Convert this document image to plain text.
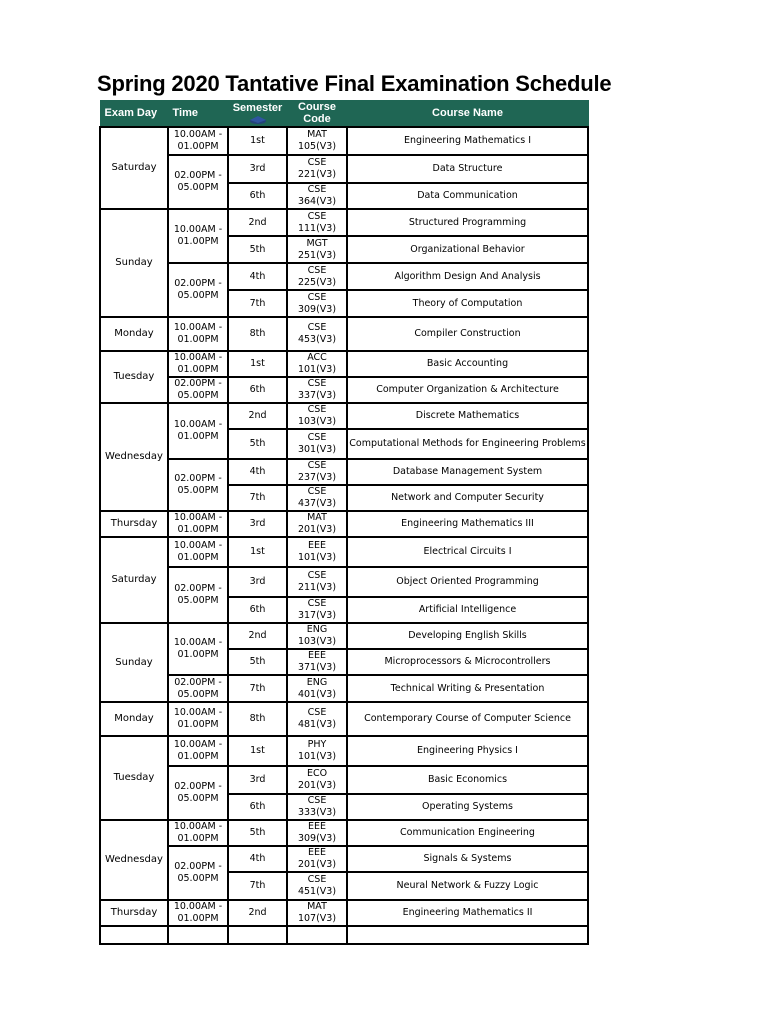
Spring 2020 Tantative Final Examination Schedule
Exam Day	Time	Semester	Course Code	Course Name
Saturday	10.00AM - 01.00PM	1st	MAT 105(V3)	Engineering Mathematics I
	02.00PM - 05.00PM	3rd	CSE 221(V3)	Data Structure
		6th	CSE 364(V3)	Data Communication
Sunday	10.00AM - 01.00PM	2nd	CSE 111(V3)	Structured Programming
		5th	MGT 251(V3)	Organizational Behavior
	02.00PM - 05.00PM	4th	CSE 225(V3)	Algorithm Design And Analysis
		7th	CSE 309(V3)	Theory of Computation
Monday	10.00AM - 01.00PM	8th	CSE 453(V3)	Compiler Construction
Tuesday	10.00AM - 01.00PM	1st	ACC 101(V3)	Basic Accounting
	02.00PM - 05.00PM	6th	CSE 337(V3)	Computer Organization & Architecture
Wednesday	10.00AM - 01.00PM	2nd	CSE 103(V3)	Discrete Mathematics
		5th	CSE 301(V3)	Computational Methods for Engineering Problems
	02.00PM - 05.00PM	4th	CSE 237(V3)	Database Management System
		7th	CSE 437(V3)	Network and Computer Security
Thursday	10.00AM - 01.00PM	3rd	MAT 201(V3)	Engineering Mathematics III
Saturday	10.00AM - 01.00PM	1st	EEE 101(V3)	Electrical Circuits I
	02.00PM - 05.00PM	3rd	CSE 211(V3)	Object Oriented Programming
		6th	CSE 317(V3)	Artificial Intelligence
Sunday	10.00AM - 01.00PM	2nd	ENG 103(V3)	Developing English Skills
		5th	EEE 371(V3)	Microprocessors & Microcontrollers
	02.00PM - 05.00PM	7th	ENG 401(V3)	Technical Writing & Presentation
Monday	10.00AM - 01.00PM	8th	CSE 481(V3)	Contemporary Course of Computer Science
Tuesday	10.00AM - 01.00PM	1st	PHY 101(V3)	Engineering Physics I
	02.00PM - 05.00PM	3rd	ECO 201(V3)	Basic Economics
		6th	CSE 333(V3)	Operating Systems
Wednesday	10.00AM - 01.00PM	5th	EEE 309(V3)	Communication Engineering
	02.00PM - 05.00PM	4th	EEE 201(V3)	Signals & Systems
		7th	CSE 451(V3)	Neural Network & Fuzzy Logic
Thursday	10.00AM - 01.00PM	2nd	MAT 107(V3)	Engineering Mathematics II
